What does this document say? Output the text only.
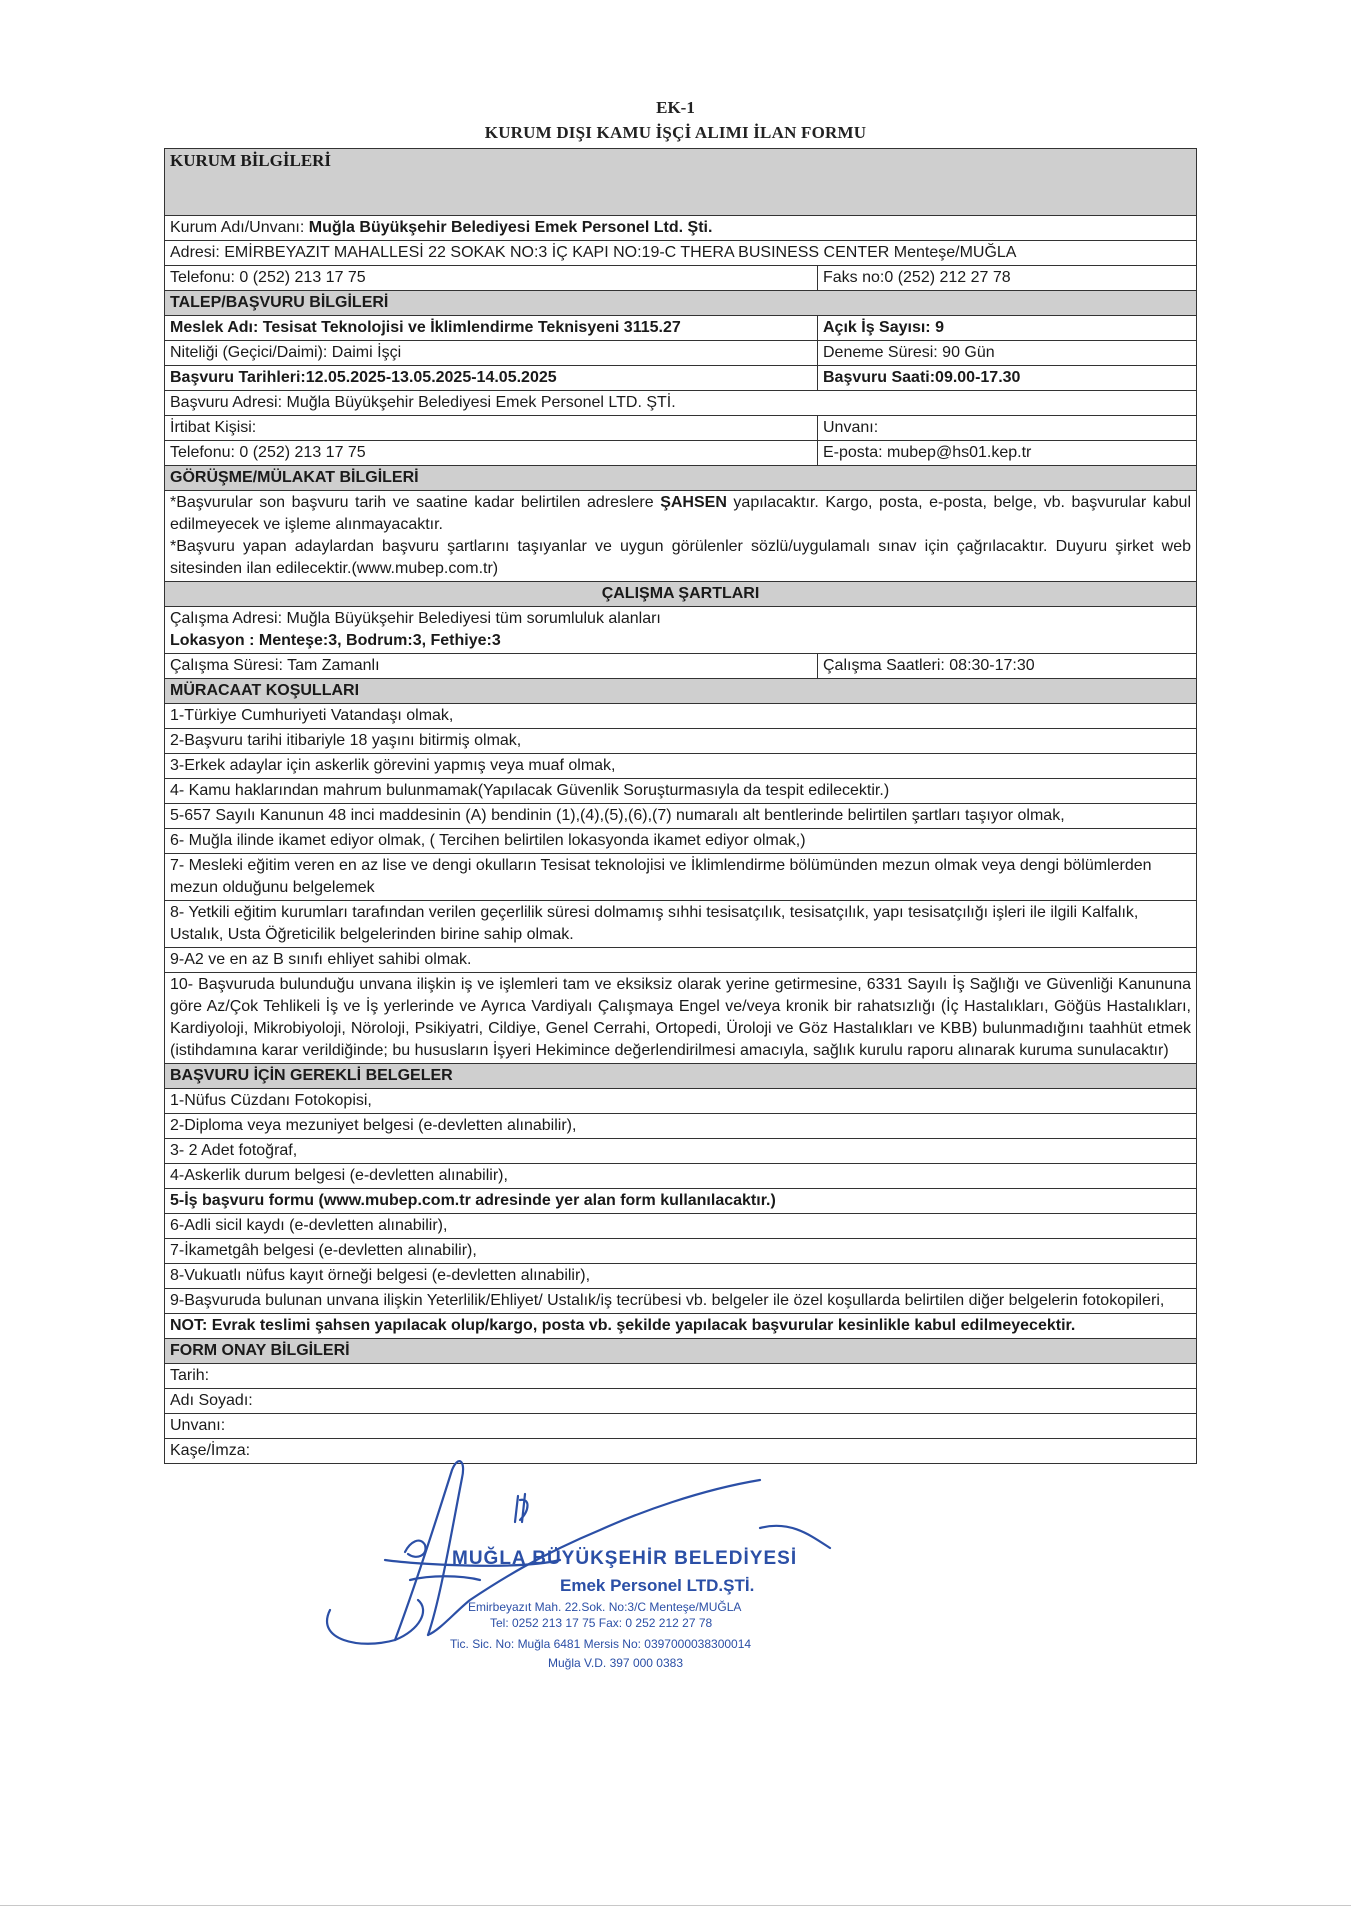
EK-1
KURUM DIŞI KAMU İŞÇİ ALIMI İLAN FORMU
KURUM BİLGİLERİ	
Kurum Adı/Unvanı: Muğla Büyükşehir Belediyesi Emek Personel Ltd. Şti.	
Adresi: EMİRBEYAZIT MAHALLESİ 22 SOKAK NO:3 İÇ KAPI NO:19-C THERA BUSINESS CENTER Menteşe/MUĞLA	
Telefonu: 0 (252) 213 17 75	Faks no:0 (252) 212 27 78
TALEP/BAŞVURU BİLGİLERİ	
Meslek Adı: Tesisat Teknolojisi ve İklimlendirme Teknisyeni 3115.27	Açık İş Sayısı: 9
Niteliği (Geçici/Daimi): Daimi İşçi	Deneme Süresi: 90 Gün
Başvuru Tarihleri:12.05.2025-13.05.2025-14.05.2025	Başvuru Saati:09.00-17.30
Başvuru Adresi: Muğla Büyükşehir Belediyesi Emek Personel LTD. ŞTİ.	
İrtibat Kişisi:	Unvanı:
Telefonu: 0 (252) 213 17 75	E-posta: mubep@hs01.kep.tr
GÖRÜŞME/MÜLAKAT BİLGİLERİ	

*Başvurular son başvuru tarih ve saatine kadar belirtilen adreslere ŞAHSEN yapılacaktır. Kargo, posta, e-posta, belge, vb. başvurular kabul edilmeyecek ve işleme alınmayacaktır.
*Başvuru yapan adaylardan başvuru şartlarını taşıyanlar ve uygun görülenler sözlü/uygulamalı sınav için çağrılacaktır. Duyuru şirket web sitesinden ilan edilecektir.(www.mubep.com.tr)	

ÇALIŞMA ŞARTLARI	

Çalışma Adresi: Muğla Büyükşehir Belediyesi tüm sorumluluk alanları
Lokasyon : Menteşe:3, Bodrum:3, Fethiye:3	

Çalışma Süresi: Tam Zamanlı	Çalışma Saatleri: 08:30-17:30
MÜRACAAT KOŞULLARI	
1-Türkiye Cumhuriyeti Vatandaşı olmak,	
2-Başvuru tarihi itibariyle 18 yaşını bitirmiş olmak,	
3-Erkek adaylar için askerlik görevini yapmış veya muaf olmak,	
4- Kamu haklarından mahrum bulunmamak(Yapılacak Güvenlik Soruşturmasıyla da tespit edilecektir.)	
5-657 Sayılı Kanunun 48 inci maddesinin (A) bendinin (1),(4),(5),(6),(7) numaralı alt bentlerinde belirtilen şartları taşıyor olmak,	
6- Muğla ilinde ikamet ediyor olmak, ( Tercihen belirtilen lokasyonda ikamet ediyor olmak,)	
7- Mesleki eğitim veren en az lise ve dengi okulların Tesisat teknolojisi ve İklimlendirme bölümünden mezun olmak veya dengi bölümlerden mezun olduğunu belgelemek	
8- Yetkili eğitim kurumları tarafından verilen geçerlilik süresi dolmamış sıhhi tesisatçılık, tesisatçılık, yapı tesisatçılığı işleri ile ilgili Kalfalık, Ustalık, Usta Öğreticilik belgelerinden birine sahip olmak.	
9-A2 ve en az B sınıfı ehliyet sahibi olmak.	
10- Başvuruda bulunduğu unvana ilişkin iş ve işlemleri tam ve eksiksiz olarak yerine getirmesine, 6331 Sayılı İş Sağlığı ve Güvenliği Kanununa göre Az/Çok Tehlikeli İş ve İş yerlerinde ve Ayrıca Vardiyalı Çalışmaya Engel ve/veya kronik bir rahatsızlığı (İç Hastalıkları, Göğüs Hastalıkları, Kardiyoloji, Mikrobiyoloji, Nöroloji, Psikiyatri, Cildiye, Genel Cerrahi, Ortopedi, Üroloji ve Göz Hastalıkları ve KBB) bulunmadığını taahhüt etmek (istihdamına karar verildiğinde; bu hususların İşyeri Hekimince değerlendirilmesi amacıyla, sağlık kurulu raporu alınarak kuruma sunulacaktır)	
BAŞVURU İÇİN GEREKLİ BELGELER	
1-Nüfus Cüzdanı Fotokopisi,	
2-Diploma veya mezuniyet belgesi (e-devletten alınabilir),	
3- 2 Adet fotoğraf,	
4-Askerlik durum belgesi (e-devletten alınabilir),	
5-İş başvuru formu (www.mubep.com.tr adresinde yer alan form kullanılacaktır.)	
6-Adli sicil kaydı (e-devletten alınabilir),	
7-İkametgâh belgesi (e-devletten alınabilir),	
8-Vukuatlı nüfus kayıt örneği belgesi (e-devletten alınabilir),	
9-Başvuruda bulunan unvana ilişkin Yeterlilik/Ehliyet/ Ustalık/iş tecrübesi vb. belgeler ile özel koşullarda belirtilen diğer belgelerin fotokopileri,	
NOT: Evrak teslimi şahsen yapılacak olup/kargo, posta vb. şekilde yapılacak başvurular kesinlikle kabul edilmeyecektir.	
FORM ONAY BİLGİLERİ	
Tarih:	
Adı Soyadı:	
Unvanı:	
Kaşe/İmza:	
MUĞLA BÜYÜKŞEHİR BELEDİYESİ
Emek Personel LTD.ŞTİ.
Emirbeyazıt Mah. 22.Sok. No:3/C Menteşe/MUĞLA
Tel: 0252 213 17 75 Fax: 0 252 212 27 78
Tic. Sic. No: Muğla 6481 Mersis No: 0397000038300014
Muğla V.D. 397 000 0383
